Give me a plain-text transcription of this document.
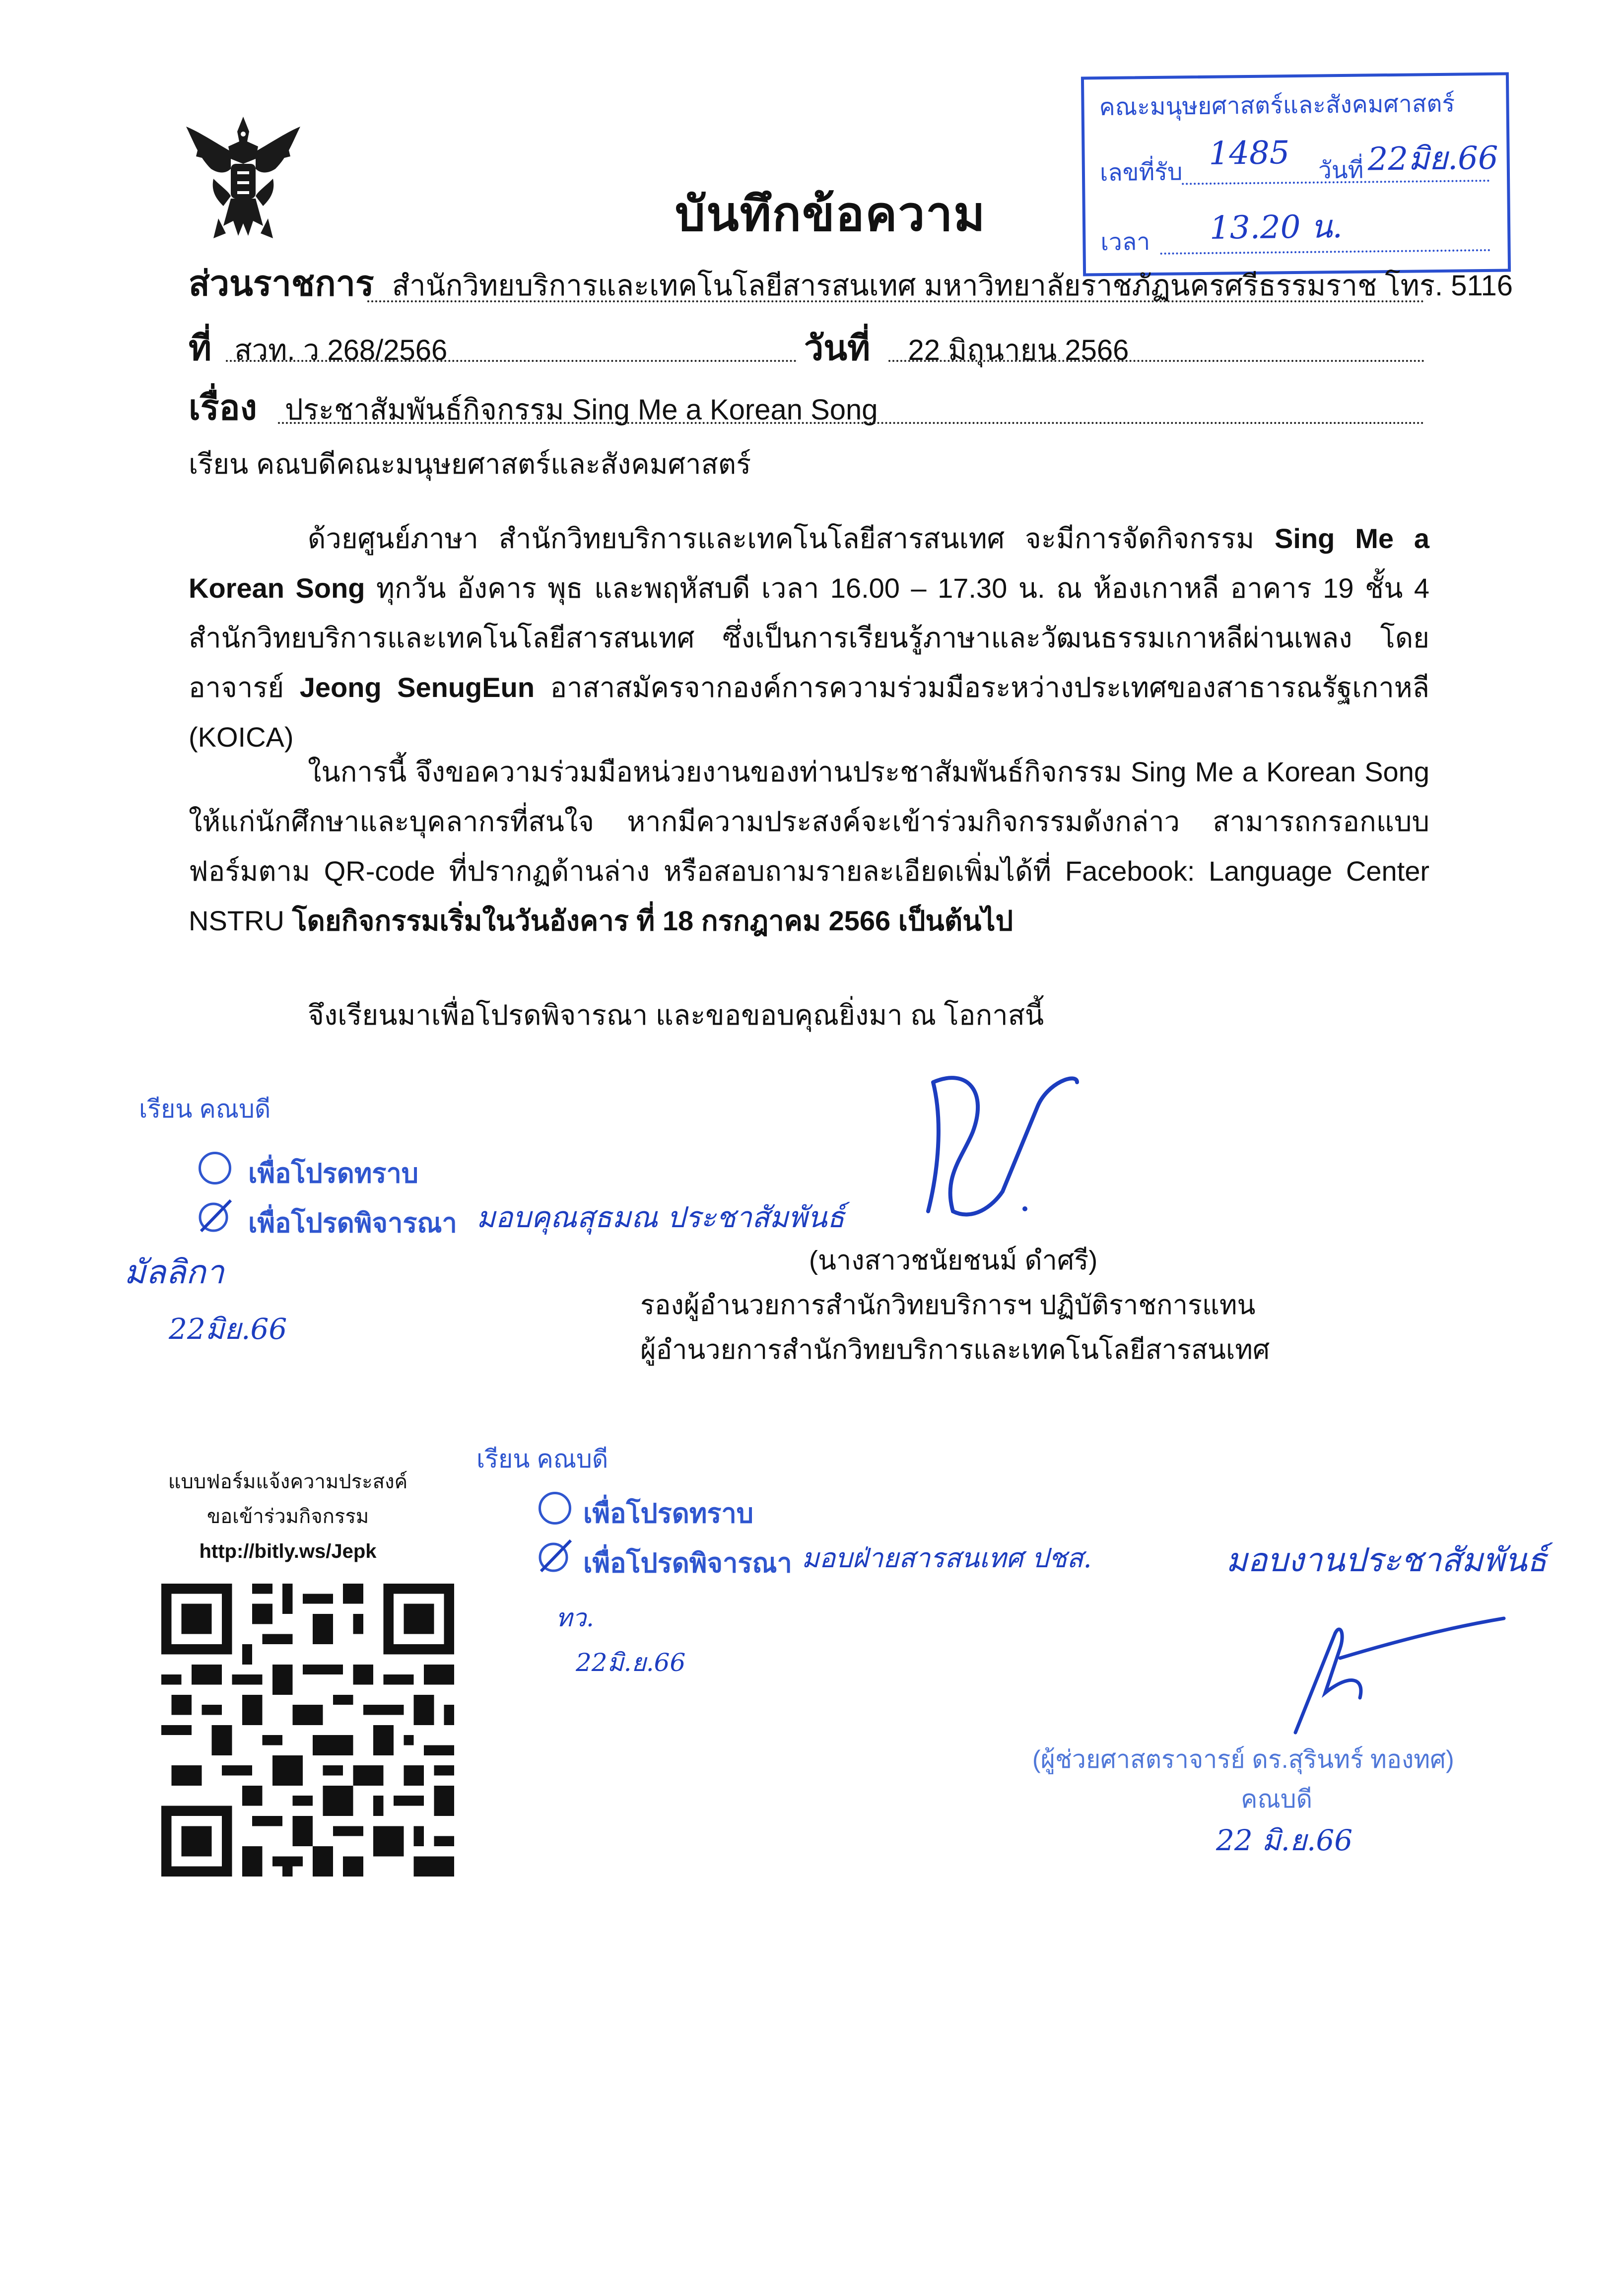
บันทึกข้อความ
คณะมนุษยศาสตร์และสังคมศาสตร์
เลขที่รับ
1485 วันที่ 22มิย.66
เวลา 13.20 น.
ส่วนราชการ สำนักวิทยบริการและเทคโนโลยีสารสนเทศ มหาวิทยาลัยราชภัฏนครศรีธรรมราช โทร. 5116
ที่ สวท. ว 268/2566	วันที่ 22 มิถุนายน 2566
เรื่อง ประชาสัมพันธ์กิจกรรม Sing Me a Korean Song
เรียน คณบดีคณะมนุษยศาสตร์และสังคมศาสตร์
ด้วยศูนย์ภาษา สำนักวิทยบริการและเทคโนโลยีสารสนเทศ จะมีการจัดกิจกรรม Sing Me a Korean Song ทุกวัน อังคาร พุธ และพฤหัสบดี เวลา 16.00 – 17.30 น. ณ ห้องเกาหลี อาคาร 19 ชั้น 4 สำนักวิทยบริการและเทคโนโลยีสารสนเทศ ซึ่งเป็นการเรียนรู้ภาษาและวัฒนธรรมเกาหลีผ่านเพลง โดยอาจารย์ Jeong SenugEun อาสาสมัครจากองค์การความร่วมมือระหว่างประเทศของสาธารณรัฐเกาหลี (KOICA)
ในการนี้ จึงขอความร่วมมือหน่วยงานของท่านประชาสัมพันธ์กิจกรรม Sing Me a Korean Song ให้แก่นักศึกษาและบุคลากรที่สนใจ หากมีความประสงค์จะเข้าร่วมกิจกรรมดังกล่าว สามารถกรอกแบบฟอร์มตาม QR-code ที่ปรากฏด้านล่าง หรือสอบถามรายละเอียดเพิ่มได้ที่ Facebook: Language Center NSTRU โดยกิจกรรมเริ่มในวันอังคาร ที่ 18 กรกฎาคม 2566 เป็นต้นไป
จึงเรียนมาเพื่อโปรดพิจารณา และขอขอบคุณยิ่งมา ณ โอกาสนี้
(นางสาวชนัยชนม์ ดำศรี)
รองผู้อำนวยการสำนักวิทยบริการฯ ปฏิบัติราชการแทน
ผู้อำนวยการสำนักวิทยบริการและเทคโนโลยีสารสนเทศ
เรียน คณบดี
เพื่อโปรดทราบ
เพื่อโปรดพิจารณา มอบคุณสุธมณ ประชาสัมพันธ์
มัลลิกา
22มิย.66
แบบฟอร์มแจ้งความประสงค์
ขอเข้าร่วมกิจกรรม
http://bitly.ws/Jepk
เรียน คณบดี
เพื่อโปรดทราบ
เพื่อโปรดพิจารณา มอบฝ่ายสารสนเทศ ปชส.
ทว.
22มิ.ย.66
มอบงานประชาสัมพันธ์
(ผู้ช่วยศาสตราจารย์ ดร.สุรินทร์ ทองทศ)
คณบดี
22 มิ.ย.66
